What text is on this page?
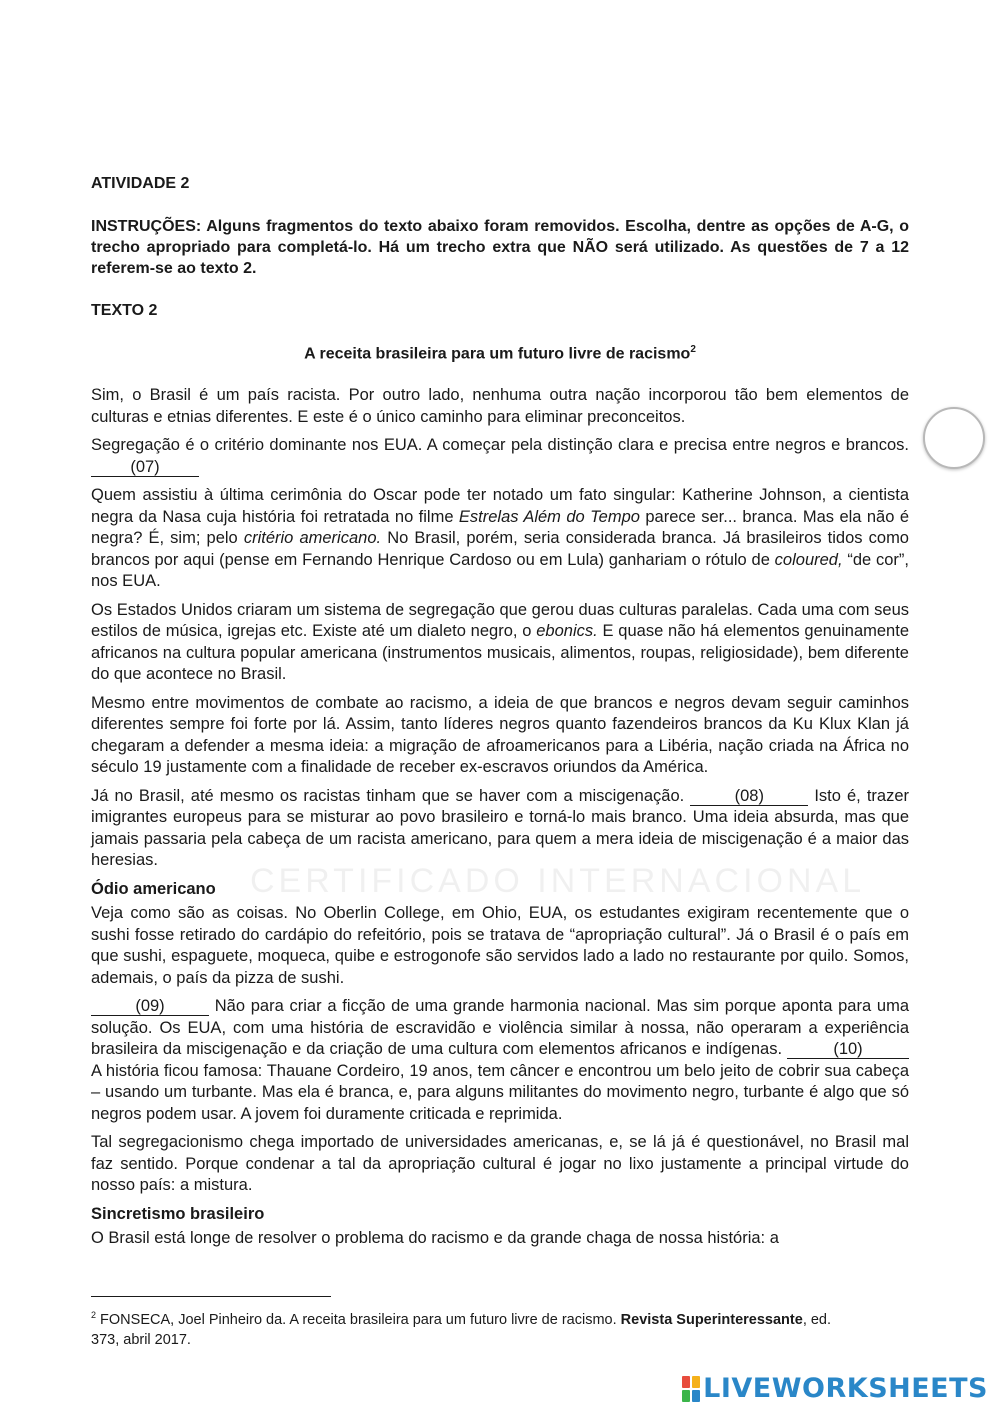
CERTIFICADO INTERNACIONAL
ATIVIDADE 2
INSTRUÇÕES: Alguns fragmentos do texto abaixo foram removidos. Escolha, dentre as opções de A-G, o trecho apropriado para completá-lo. Há um trecho extra que NÃO será utilizado. As questões de 7 a 12 referem-se ao texto 2.
TEXTO 2
A receita brasileira para um futuro livre de racismo$^2$

Sim, o Brasil é um país racista. Por outro lado, nenhuma outra nação incorporou tão bem elementos de culturas e etnias diferentes. E este é o único caminho para eliminar preconceitos.

Segregação é o critério dominante nos EUA. A começar pela distinção clara e precisa entre negros e brancos. (07)

Quem assistiu à última cerimônia do Oscar pode ter notado um fato singular: Katherine Johnson, a cientista negra da Nasa cuja história foi retratada no filme Estrelas Além do Tempo parece ser... branca. Mas ela não é negra? É, sim; pelo critério americano. No Brasil, porém, seria considerada branca. Já brasileiros tidos como brancos por aqui (pense em Fernando Henrique Cardoso ou em Lula) ganhariam o rótulo de coloured, “de cor”, nos EUA.

Os Estados Unidos criaram um sistema de segregação que gerou duas culturas paralelas. Cada uma com seus estilos de música, igrejas etc. Existe até um dialeto negro, o ebonics. E quase não há elementos genuinamente africanos na cultura popular americana (instrumentos musicais, alimentos, roupas, religiosidade), bem diferente do que acontece no Brasil.

Mesmo entre movimentos de combate ao racismo, a ideia de que brancos e negros devam seguir caminhos diferentes sempre foi forte por lá. Assim, tanto líderes negros quanto fazendeiros brancos da Ku Klux Klan já chegaram a defender a mesma ideia: a migração de afroamericanos para a Libéria, nação criada na África no século 19 justamente com a finalidade de receber ex-escravos oriundos da América.

Já no Brasil, até mesmo os racistas tinham que se haver com a miscigenação.	(08)	Isto é, trazer imigrantes europeus para se misturar ao povo brasileiro e torná-lo mais branco. Uma ideia absurda, mas que jamais passaria pela cabeça de um racista americano, para quem a mera ideia de miscigenação é a maior das heresias.

Ódio americano

Veja como são as coisas. No Oberlin College, em Ohio, EUA, os estudantes exigiram recentemente que o sushi fosse retirado do cardápio do refeitório, pois se tratava de “apropriação cultural”. Já o Brasil é o país em que sushi, espaguete, moqueca, quibe e estrogonofe são servidos lado a lado no restaurante por quilo. Somos, ademais, o país da pizza de sushi.

(09)	Não para criar a ficção de uma grande harmonia nacional. Mas sim porque aponta para uma solução. Os EUA, com uma história de escravidão e violência similar à nossa, não operaram a experiência brasileira da miscigenação e da criação de uma cultura com elementos africanos e indígenas.	(10) A história ficou famosa: Thauane Cordeiro, 19 anos, tem câncer e encontrou um belo jeito de cobrir sua cabeça – usando um turbante. Mas ela é branca, e, para alguns militantes do movimento negro, turbante é algo que só negros podem usar. A jovem foi duramente criticada e reprimida.

Tal segregacionismo chega importado de universidades americanas, e, se lá já é questionável, no Brasil mal faz sentido. Porque condenar a tal da apropriação cultural é jogar no lixo justamente a principal virtude do nosso país: a mistura.

Sincretismo brasileiro

O Brasil está longe de resolver o problema do racismo e da grande chaga de nossa história: a

$^2$ FONSECA, Joel Pinheiro da. A receita brasileira para um futuro livre de racismo. Revista Superinteressante, ed. 373, abril 2017.
LIVEWORKSHEETS
